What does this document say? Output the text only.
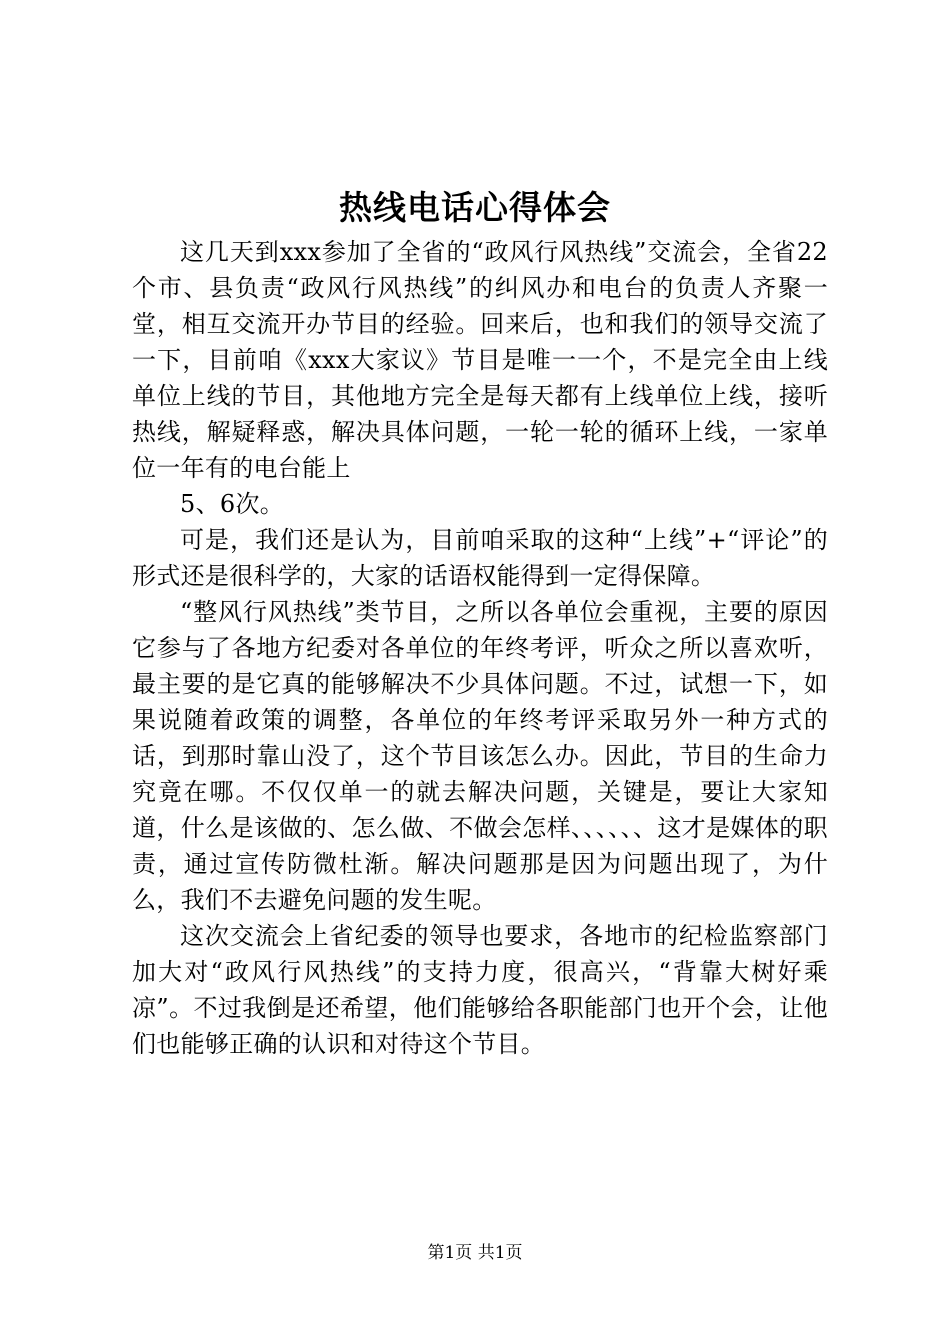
热线电话心得体会

这几天到xxx参加了全省的“政风行风热线”交流会，全省22个市、县负责“政风行风热线”的纠风办和电台的负责人齐聚一堂，相互交流开办节目的经验。回来后，也和我们的领导交流了一下，目前咱《xxx大家议》节目是唯一一个，不是完全由上线单位上线的节目，其他地方完全是每天都有上线单位上线，接听热线，解疑释惑，解决具体问题，一轮一轮的循环上线，一家单位一年有的电台能上

5、6次。

可是，我们还是认为，目前咱采取的这种“上线”+“评论”的形式还是很科学的，大家的话语权能得到一定得保障。

“整风行风热线”类节目，之所以各单位会重视，主要的原因它参与了各地方纪委对各单位的年终考评，听众之所以喜欢听，最主要的是它真的能够解决不少具体问题。不过，试想一下，如果说随着政策的调整，各单位的年终考评采取另外一种方式的话，到那时靠山没了，这个节目该怎么办。因此，节目的生命力究竟在哪。不仅仅单一的就去解决问题，关键是，要让大家知道，什么是该做的、怎么做、不做会怎样、、、、、、这才是媒体的职责，通过宣传防微杜渐。解决问题那是因为问题出现了，为什么，我们不去避免问题的发生呢。

这次交流会上省纪委的领导也要求，各地市的纪检监察部门加大对“政风行风热线”的支持力度，很高兴，“背靠大树好乘凉”。不过我倒是还希望，他们能够给各职能部门也开个会，让他们也能够正确的认识和对待这个节目。

第1页 共1页
